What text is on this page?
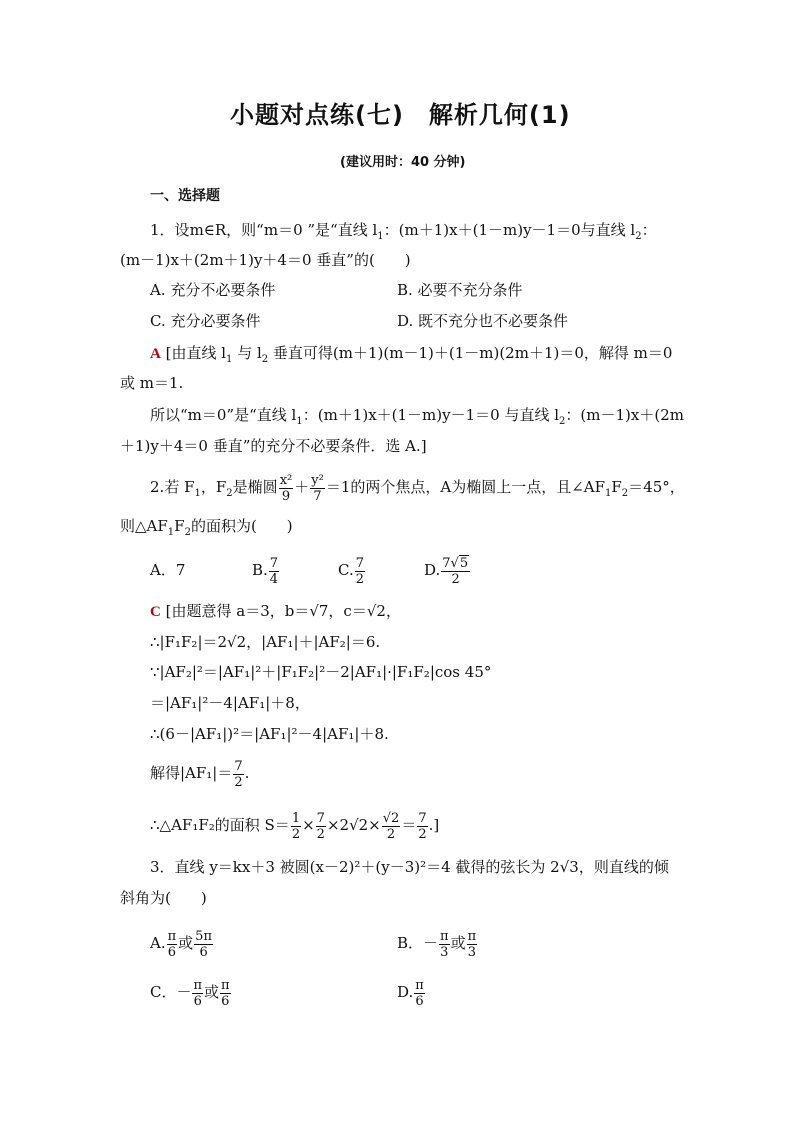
小题对点练(七)　解析几何(1)
(建议用时：40 分钟)
一、选择题
1．设m∈R，则“m＝0 ”是“直线 $l_1$：(m＋1)x＋(1－m)y－1＝0与直线 $l_2$：
(m－1)x＋(2m＋1)y＋4＝0 垂直”的(　　)
A. 充分不必要条件	B. 必要不充分条件
C. 充分必要条件	D. 既不充分也不必要条件
A [由直线 $l_1$ 与 $l_2$ 垂直可得(m＋1)(m－1)＋(1－m)(2m＋1)＝0，解得 m＝0
或 m＝1.
所以“m＝0”是“直线 $l_1$：(m＋1)x＋(1－m)y－1＝0 与直线 $l_2$：(m－1)x＋(2m
＋1)y＋4＝0 垂直”的充分不必要条件．选 A.]
2.若 $F_1$，$F_2$是椭圆 $\frac{\text{x²}}{9} + \frac{\text{y²}}{7} =1$的两个焦点，A为椭圆上一点，且$\angle AF_1F_2=45^\circ$，
则$\triangle AF_1F_2$的面积为(　　)
A．7	B. $\frac{7}{4}$	C. $\frac{7}{2}$	D. $\frac{7√5}{2}$
C [由题意得 a＝3，b＝√7，c＝√2，
∴|F₁F₂|＝2√2，|AF₁|＋|AF₂|＝6.
∵|AF₂|²＝|AF₁|²＋|F₁F₂|²－2|AF₁|·|F₁F₂|cos 45°
＝|AF₁|²－4|AF₁|＋8，
∴(6－|AF₁|)²＝|AF₁|²－4|AF₁|＋8.
解得$|AF_1|= \frac{7}{2}$ .
∴△AF₁F₂的面积 $S= \frac{1}{2} \times \frac{7}{2} \times 2√2\times \frac{√2}{2} = \frac{7}{2}$ .]
3．直线 y＝kx＋3 被圆(x－2)²＋(y－3)²＝4 截得的弦长为 2√3，则直线的倾
斜角为(　　)
A. $\frac{\pi}{6}$ 或 $\frac{5\pi}{6}$	B．－ $\frac{\pi}{3}$ 或 $\frac{\pi}{3}$
C．－ $\frac{\pi}{6}$ 或 $\frac{\pi}{6}$	D. $\frac{\pi}{6}$
